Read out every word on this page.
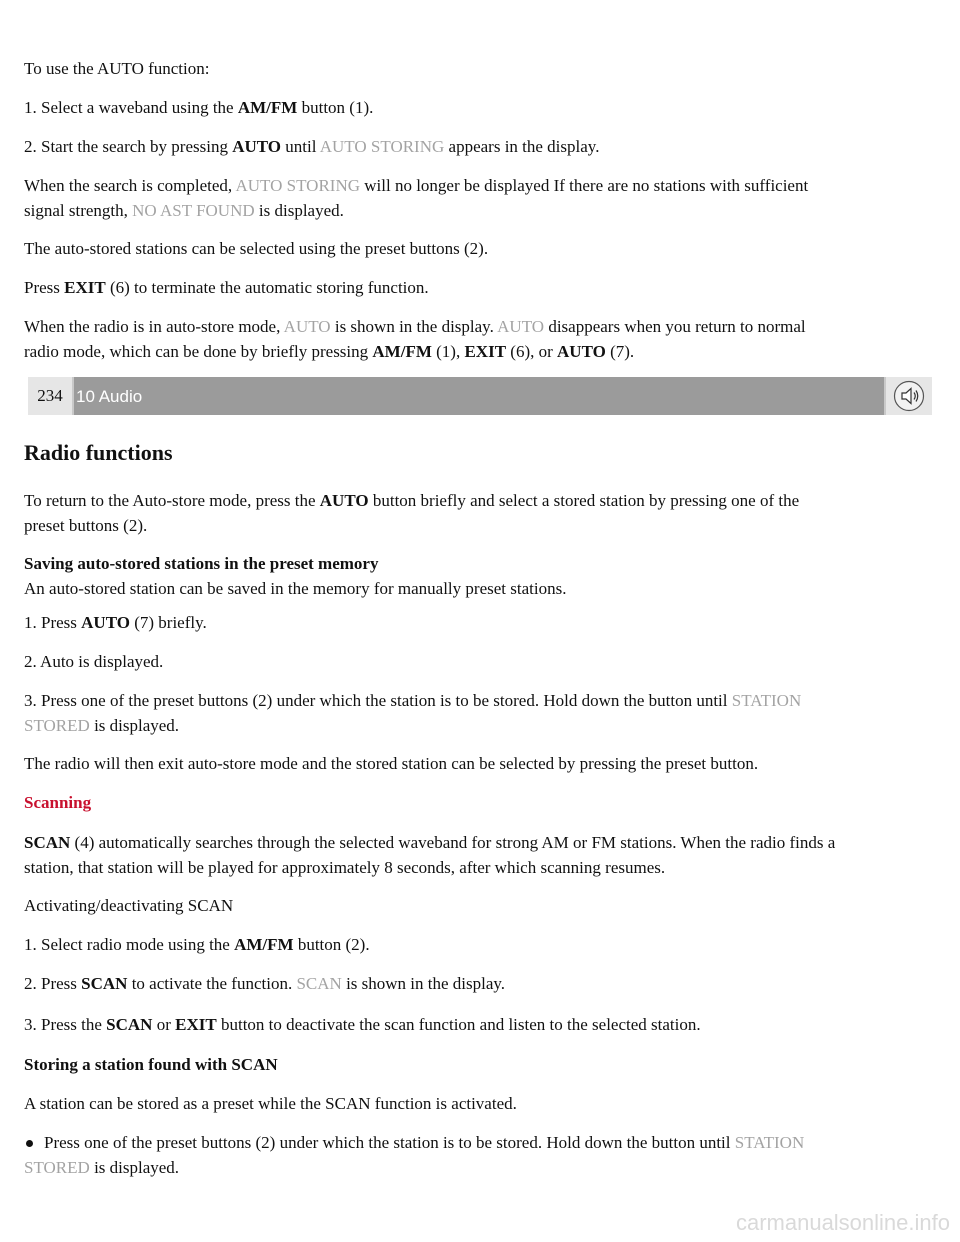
To use the AUTO function:

1. Select a waveband using the AM/FM button (1).

2. Start the search by pressing AUTO until AUTO STORING appears in the display.

When the search is completed, AUTO STORING will no longer be displayed If there are no stations with sufficient
signal strength, NO AST FOUND is displayed.

The auto-stored stations can be selected using the preset buttons (2).

Press EXIT (6) to terminate the automatic storing function.

When the radio is in auto-store mode, AUTO is shown in the display. AUTO disappears when you return to normal
radio mode, which can be done by briefly pressing AM/FM (1), EXIT (6), or AUTO (7).

234 10 Audio
Radio functions

To return to the Auto-store mode, press the AUTO button briefly and select a stored station by pressing one of the
preset buttons (2).

Saving auto-stored stations in the preset memory
An auto-stored station can be saved in the memory for manually preset stations.

1. Press AUTO (7) briefly.

2. Auto is displayed.

3. Press one of the preset buttons (2) under which the station is to be stored. Hold down the button until STATION
STORED is displayed.

The radio will then exit auto-store mode and the stored station can be selected by pressing the preset button.

Scanning

SCAN (4) automatically searches through the selected waveband for strong AM or FM stations. When the radio finds a
station, that station will be played for approximately 8 seconds, after which scanning resumes.

Activating/deactivating SCAN

1. Select radio mode using the AM/FM button (2).

2. Press SCAN to activate the function. SCAN is shown in the display.

3. Press the SCAN or EXIT button to deactivate the scan function and listen to the selected station.

Storing a station found with SCAN

A station can be stored as a preset while the SCAN function is activated.

Press one of the preset buttons (2) under which the station is to be stored. Hold down the button until STATION

STORED is displayed.

carmanualsonline.info
